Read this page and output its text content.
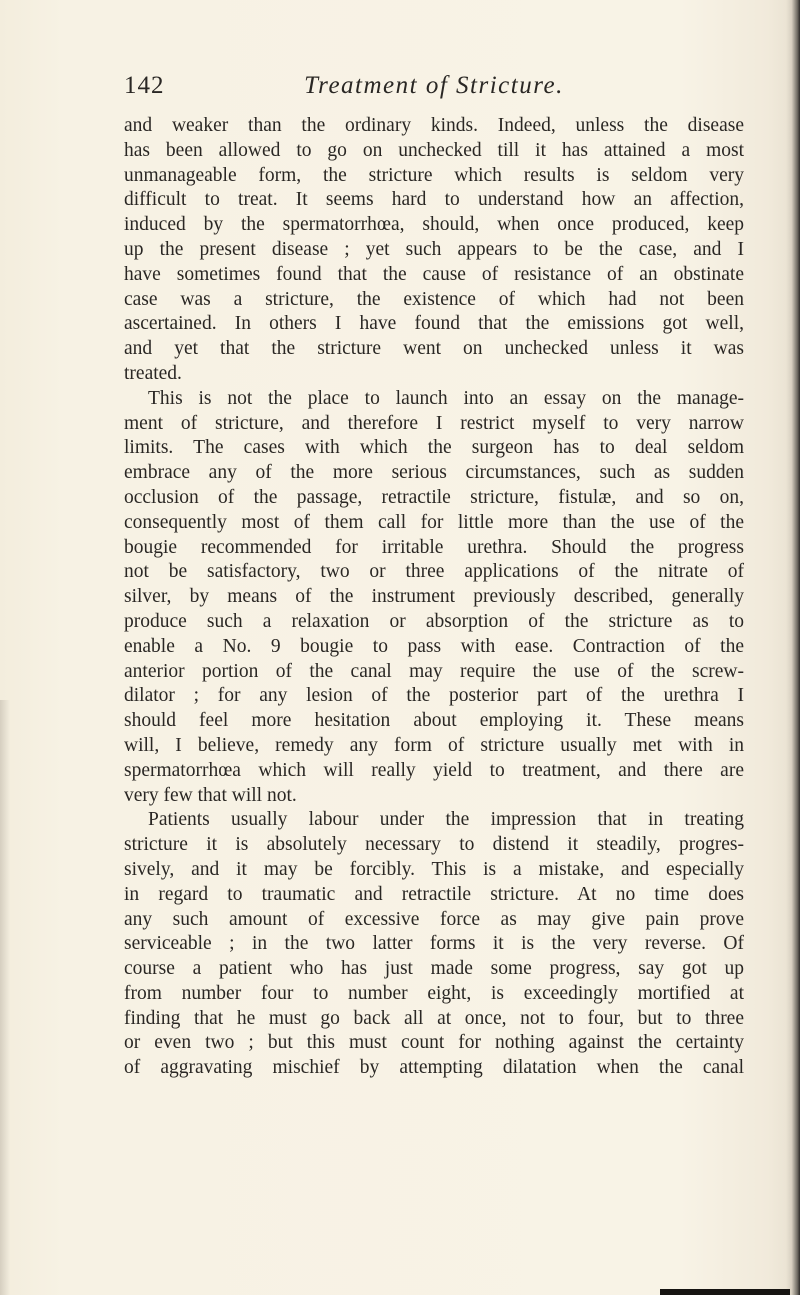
142	Treatment of Stricture.
and weaker than the ordinary kinds. Indeed, unless the disease
has been allowed to go on unchecked till it has attained a most
unmanageable form, the stricture which results is seldom very
difficult to treat. It seems hard to understand how an affection,
induced by the spermatorrhœa, should, when once produced, keep
up the present disease ; yet such appears to be the case, and I
have sometimes found that the cause of resistance of an obstinate
case was a stricture, the existence of which had not been
ascertained. In others I have found that the emissions got well,
and yet that the stricture went on unchecked unless it was
treated.
This is not the place to launch into an essay on the manage-
ment of stricture, and therefore I restrict myself to very narrow
limits. The cases with which the surgeon has to deal seldom
embrace any of the more serious circumstances, such as sudden
occlusion of the passage, retractile stricture, fistulæ, and so on,
consequently most of them call for little more than the use of the
bougie recommended for irritable urethra. Should the progress
not be satisfactory, two or three applications of the nitrate of
silver, by means of the instrument previously described, generally
produce such a relaxation or absorption of the stricture as to
enable a No. 9 bougie to pass with ease. Contraction of the
anterior portion of the canal may require the use of the screw-
dilator ; for any lesion of the posterior part of the urethra I
should feel more hesitation about employing it. These means
will, I believe, remedy any form of stricture usually met with in
spermatorrhœa which will really yield to treatment, and there are
very few that will not.
Patients usually labour under the impression that in treating
stricture it is absolutely necessary to distend it steadily, progres-
sively, and it may be forcibly. This is a mistake, and especially
in regard to traumatic and retractile stricture. At no time does
any such amount of excessive force as may give pain prove
serviceable ; in the two latter forms it is the very reverse. Of
course a patient who has just made some progress, say got up
from number four to number eight, is exceedingly mortified at
finding that he must go back all at once, not to four, but to three
or even two ; but this must count for nothing against the certainty
of aggravating mischief by attempting dilatation when the canal
